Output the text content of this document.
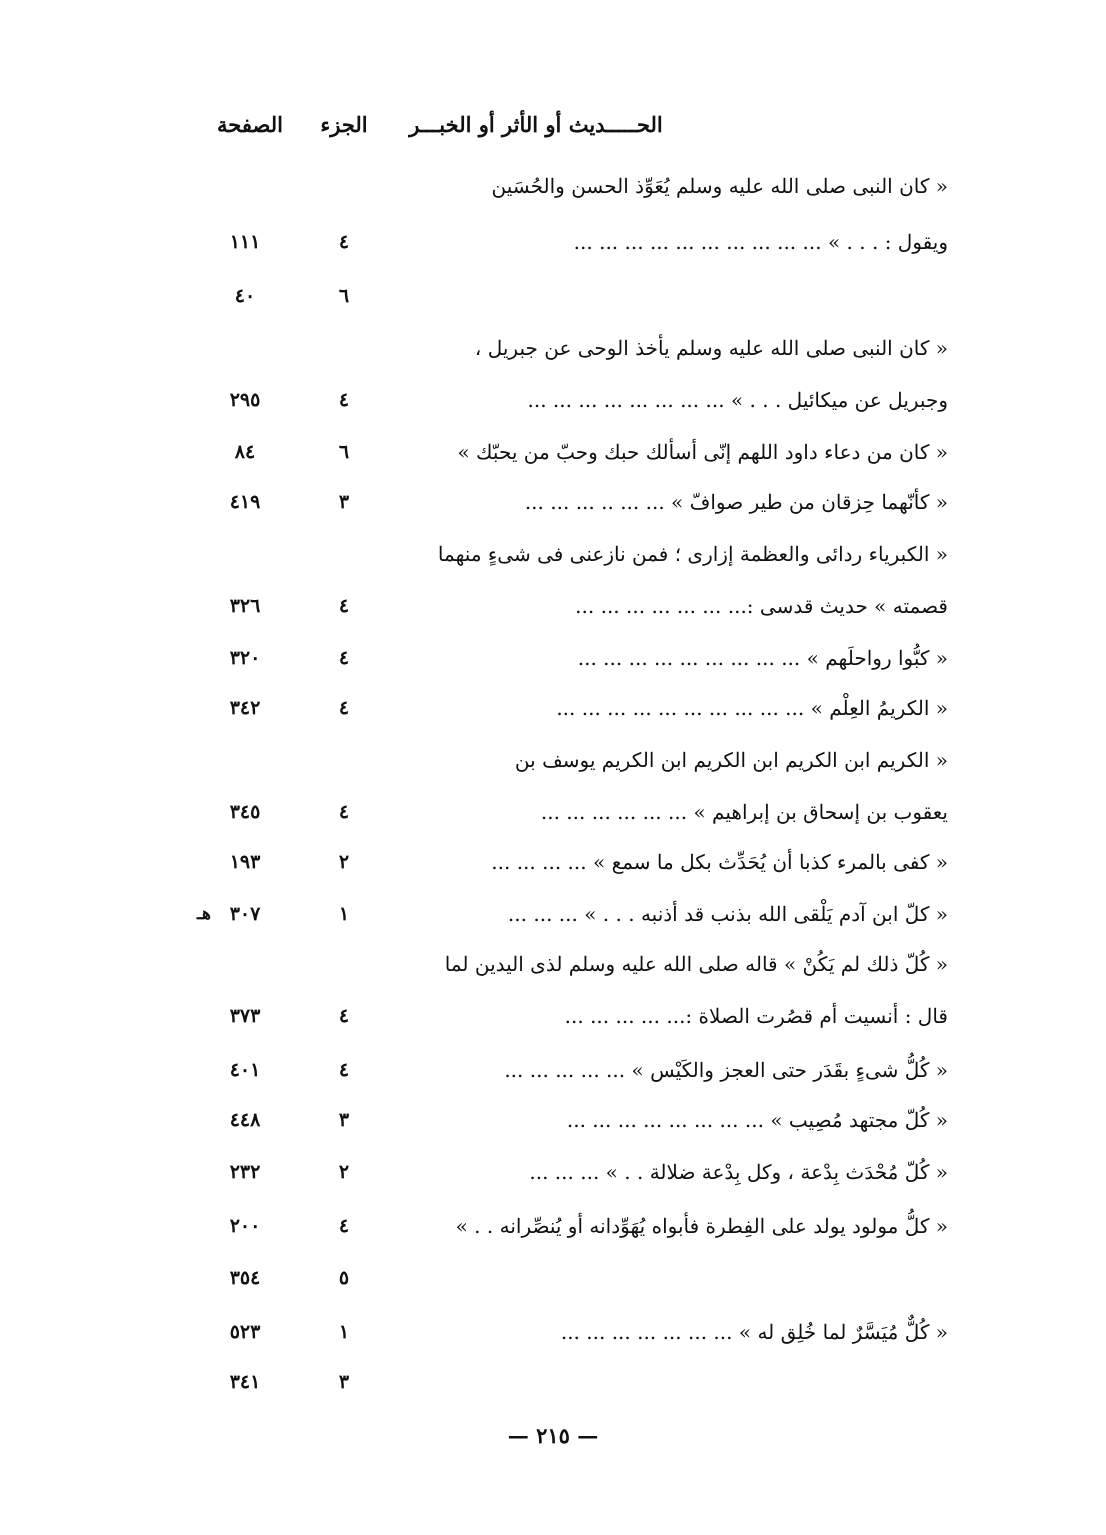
الحـــــديث أو الأثر أو الخبـــر
الجزء
الصفحة
« كان النبى صلى الله عليه وسلم يُعَوِّذ الحسن والحُسَين
ويقول : . . . » ... ... ... ... ... ... ... ... ... ...
٤
١١١
٦
٤٠
« كان النبى صلى الله عليه وسلم يأخذ الوحى عن جبريل ،
وجبريل عن ميكائيل . . . » ... ... ... ... ... ... ... ...
٤
٢٩٥
« كان من دعاء داود اللهم إنّى أسألك حبك وحبّ من يحبّك »
٦
٨٤
« كأنّهما حِزقان من طير صوافّ » ... ... .. ... ... ...
٣
٤١٩
« الكبرياء ردائى والعظمة إزارى ؛ فمن نازعنى فى شىءٍ منهما
قصمته » حديث قدسى :... ... ... ... ... ... ...
٤
٣٢٦
« كبُّوا رواحلَهم » ... ... ... ... ... ... ... ... ...
٤
٣٢٠
« الكريمُ العِلْم » ... ... ... ... ... ... ... ... ... ...
٤
٣٤٢
« الكريم ابن الكريم ابن الكريم ابن الكريم يوسف بن
يعقوب بن إسحاق بن إبراهيم » ... ... ... ... ... ...
٤
٣٤٥
« كفى بالمرء كذبا أن يُحَدِّث بكل ما سمع » ... ... ... ...
٢
١٩٣
« كلّ ابن آدم يَلْقى الله بذنب قد أذنبه . . . » ... ... ...
١
٣٠٧
هـ
« كُلّ ذلك لم يَكُنْ » قاله صلى الله عليه وسلم لذى اليدين لما
قال : أنسيت أم قصُرت الصلاة :... ... ... ... ...
٤
٣٧٣
« كُلُّ شىءٍ بقَدَر حتى العجز والكَيْس » ... ... ... ... ...
٤
٤٠١
« كُلّ مجتهد مُصِيب » ... ... ... ... ... ... ... ...
٣
٤٤٨
« كُلّ مُحْدَث بِدْعة ، وكل بِدْعة ضلالة . . » ... ... ...
٢
٢٣٢
« كلُّ مولود يولد على الفِطرة فأبواه يُهَوِّدانه أو يُنصِّرانه . . »
٤
٢٠٠
٥
٣٥٤
« كُلٌّ مُيَسَّرٌ لما خُلِق له » ... ... ... ... ... ... ...
١
٥٢٣
٣
٣٤١
— ٢١٥ —
